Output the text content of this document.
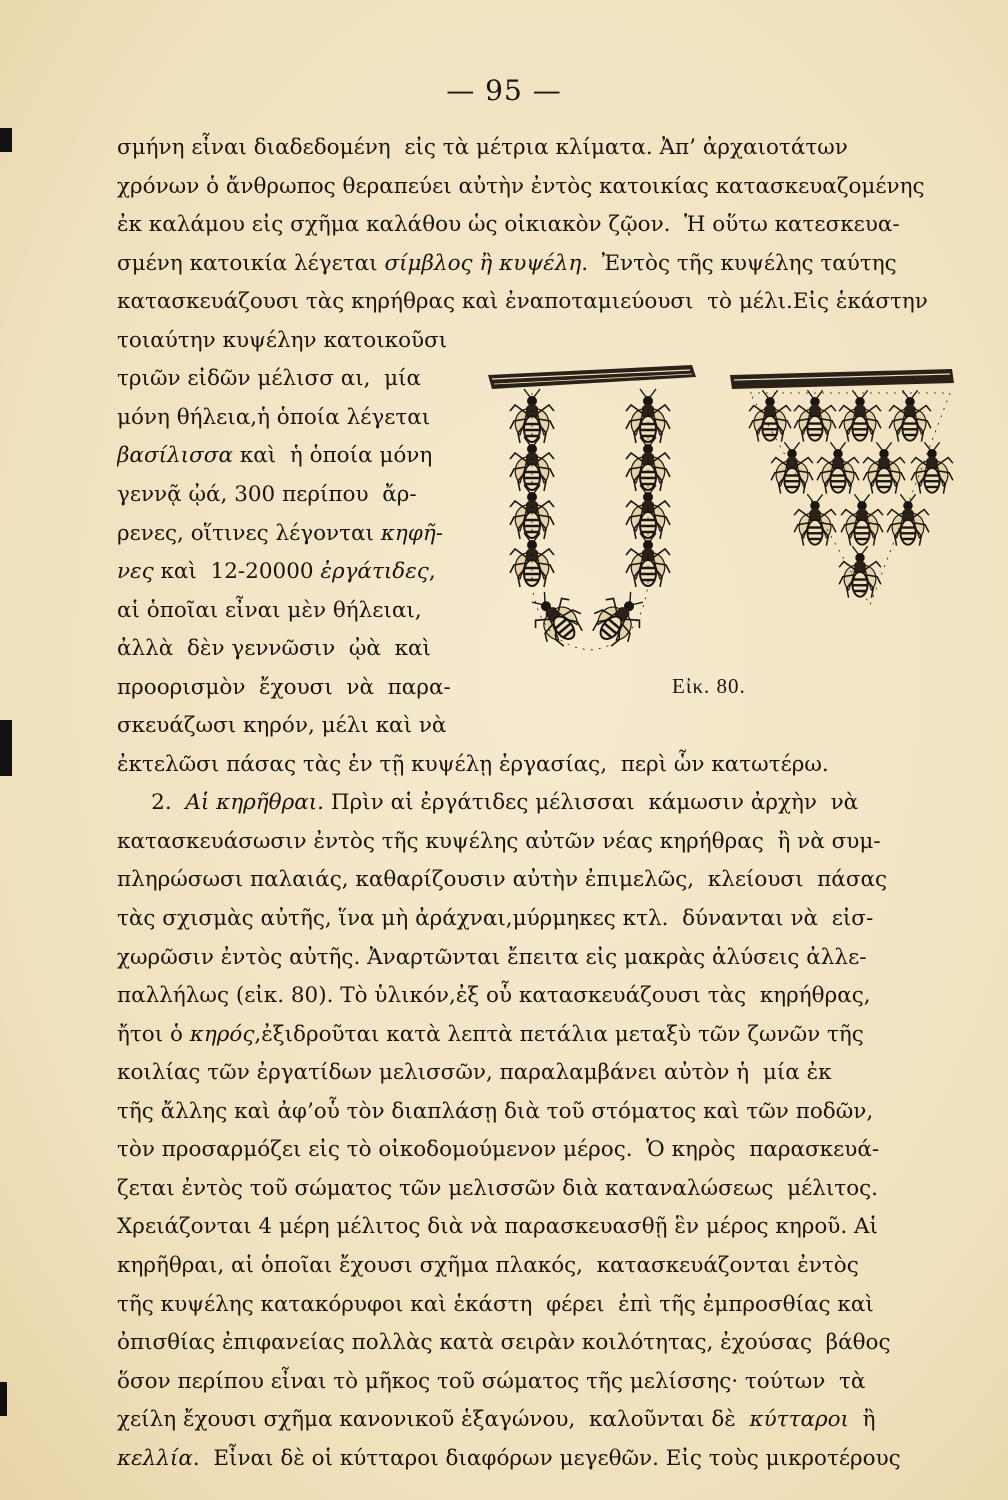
— 95 —
σμήνη εἶναι διαδεδομένη  εἰς τὰ μέτρια κλίματα. Ἀπ’ ἀρχαιοτάτων
χρόνων ὁ ἄνθρωπος θεραπεύει αὐτὴν ἐντὸς κατοικίας κατασκευαζομένης
ἐκ καλάμου εἰς σχῆμα καλάθου ὡς οἰκιακὸν ζῷον.  Ἡ οὕτω κατεσκευα-
σμένη κατοικία λέγεται σίμβλος ἢ κυψέλη.  Ἐντὸς τῆς κυψέλης ταύτης
κατασκευάζουσι τὰς κηρήθρας καὶ ἐναποταμιεύουσι  τὸ μέλι.Εἰς ἑκάστην
τοιαύτην κυψέλην κατοικοῦσι
τριῶν εἰδῶν μέλισσ αι,  μία
μόνη θήλεια,ἡ ὁποία λέγεται
βασίλισσα καὶ  ἡ ὁποία μόνη
γεννᾷ ᾠά, 300 περίπου  ἄρ-
ρενες, οἵτινες λέγονται κηφῆ-
νες καὶ  12-20000 ἐργάτιδες,
αἱ ὁποῖαι εἶναι μὲν θήλειαι,
ἀλλὰ  δὲν γεννῶσιν  ᾠὰ  καὶ
προορισμὸν  ἔχουσι  νὰ  παρα-
σκευάζωσι κηρόν, μέλι καὶ νὰ
ἐκτελῶσι πάσας τὰς ἐν τῇ κυψέλῃ ἐργασίας,  περὶ ὧν κατωτέρω.
2.  Αἱ κηρῆθραι. Πρὶν αἱ ἐργάτιδες μέλισσαι  κάμωσιν ἀρχὴν  νὰ
κατασκευάσωσιν ἐντὸς τῆς κυψέλης αὐτῶν νέας κηρήθρας  ἢ νὰ συμ-
πληρώσωσι παλαιάς, καθαρίζουσιν αὐτὴν ἐπιμελῶς,  κλείουσι  πάσας
τὰς σχισμὰς αὐτῆς, ἵνα μὴ ἀράχναι,μύρμηκες κτλ.  δύνανται νὰ  εἰσ-
χωρῶσιν ἐντὸς αὐτῆς. Ἀναρτῶνται ἔπειτα εἰς μακρὰς ἁλύσεις ἀλλε-
παλλήλως (εἰκ. 80). Τὸ ὑλικόν,ἐξ οὗ κατασκευάζουσι τὰς  κηρήθρας,
ἤτοι ὁ κηρός,ἐξιδροῦται κατὰ λεπτὰ πετάλια μεταξὺ τῶν ζωνῶν τῆς
κοιλίας τῶν ἐργατίδων μελισσῶν, παραλαμβάνει αὐτὸν ἡ  μία ἐκ
τῆς ἄλλης καὶ ἀφ’οὗ τὸν διαπλάσῃ διὰ τοῦ στόματος καὶ τῶν ποδῶν,
τὸν προσαρμόζει εἰς τὸ οἰκοδομούμενον μέρος.  Ὁ κηρὸς  παρασκευά-
ζεται ἐντὸς τοῦ σώματος τῶν μελισσῶν διὰ καταναλώσεως  μέλιτος.
Χρειάζονται 4 μέρη μέλιτος διὰ νὰ παρασκευασθῇ ἓν μέρος κηροῦ. Αἱ
κηρῆθραι, αἱ ὁποῖαι ἔχουσι σχῆμα πλακός,  κατασκευάζονται ἐντὸς
τῆς κυψέλης κατακόρυφοι καὶ ἑκάστη  φέρει  ἐπὶ τῆς ἐμπροσθίας καὶ
ὀπισθίας ἐπιφανείας πολλὰς κατὰ σειρὰν κοιλότητας, ἐχούσας  βάθος
ὅσον περίπου εἶναι τὸ μῆκος τοῦ σώματος τῆς μελίσσης· τούτων  τὰ
χείλη ἔχουσι σχῆμα κανονικοῦ ἑξαγώνου,  καλοῦνται δὲ  κύτταροι  ἢ
κελλία.  Εἶναι δὲ οἱ κύτταροι διαφόρων μεγεθῶν. Εἰς τοὺς μικροτέρους
Εἰκ. 80.
